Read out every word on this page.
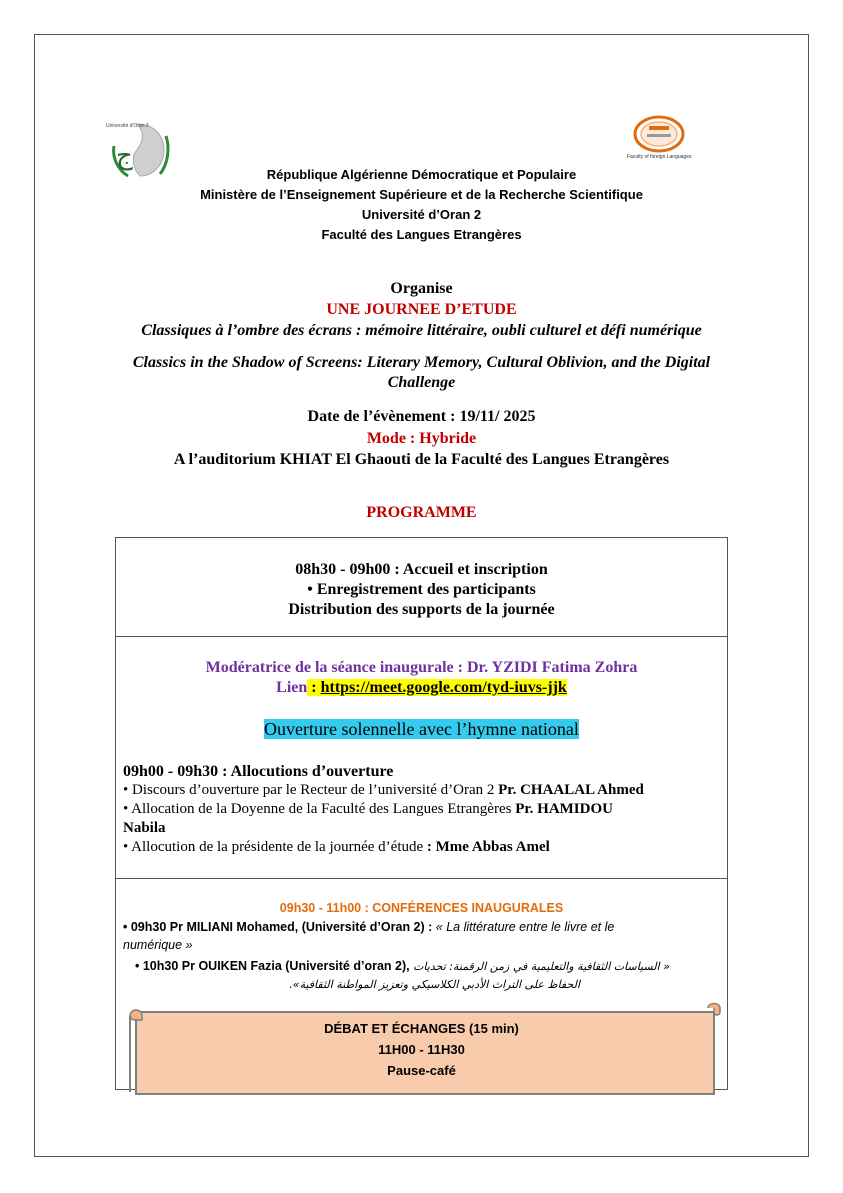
Université d'Oran 2
ج	Faculty of foreign Languages
République Algérienne Démocratique et Populaire
Ministère de l’Enseignement Supérieure et de la Recherche Scientifique
Université d’Oran 2
Faculté des Langues Etrangères
Organise
UNE JOURNEE D’ETUDE
Classiques à l’ombre des écrans : mémoire littéraire, oubli culturel et défi numérique
Classics in the Shadow of Screens: Literary Memory, Cultural Oblivion, and the Digital
Challenge
Date de l’évènement : 19/11/ 2025
Mode : Hybride
A l’auditorium KHIAT El Ghaouti de la Faculté des Langues Etrangères
PROGRAMME
08h30 - 09h00 : Accueil et inscription
• Enregistrement des participants
Distribution des supports de la journée
Modératrice de la séance inaugurale : Dr. YZIDI Fatima Zohra
Lien : https://meet.google.com/tyd-iuvs-jjk
Ouverture solennelle avec l’hymne national
09h00 - 09h30 : Allocutions d’ouverture
• Discours d’ouverture par le Recteur de l’université d’Oran 2 Pr. CHAALAL Ahmed
• Allocation de la Doyenne de la Faculté des Langues Etrangères Pr. HAMIDOU
Nabila
• Allocution de la présidente de la journée d’étude : Mme Abbas Amel
09h30 - 11h00 : CONFÉRENCES INAUGURALES
• 09h30 Pr MILIANI Mohamed, (Université d’Oran 2) : « La littérature entre le livre et le
numérique »
• 10h30 Pr OUIKEN Fazia (Université d’oran 2), « السياسات الثقافية والتعليمية في زمن الرقمنة: تحديات
الحفاظ على التراث الأدبي الكلاسيكي وتعزيز المواطنة الثقافية».
DÉBAT ET ÉCHANGES (15 min)
11H00 - 11H30
Pause-café
